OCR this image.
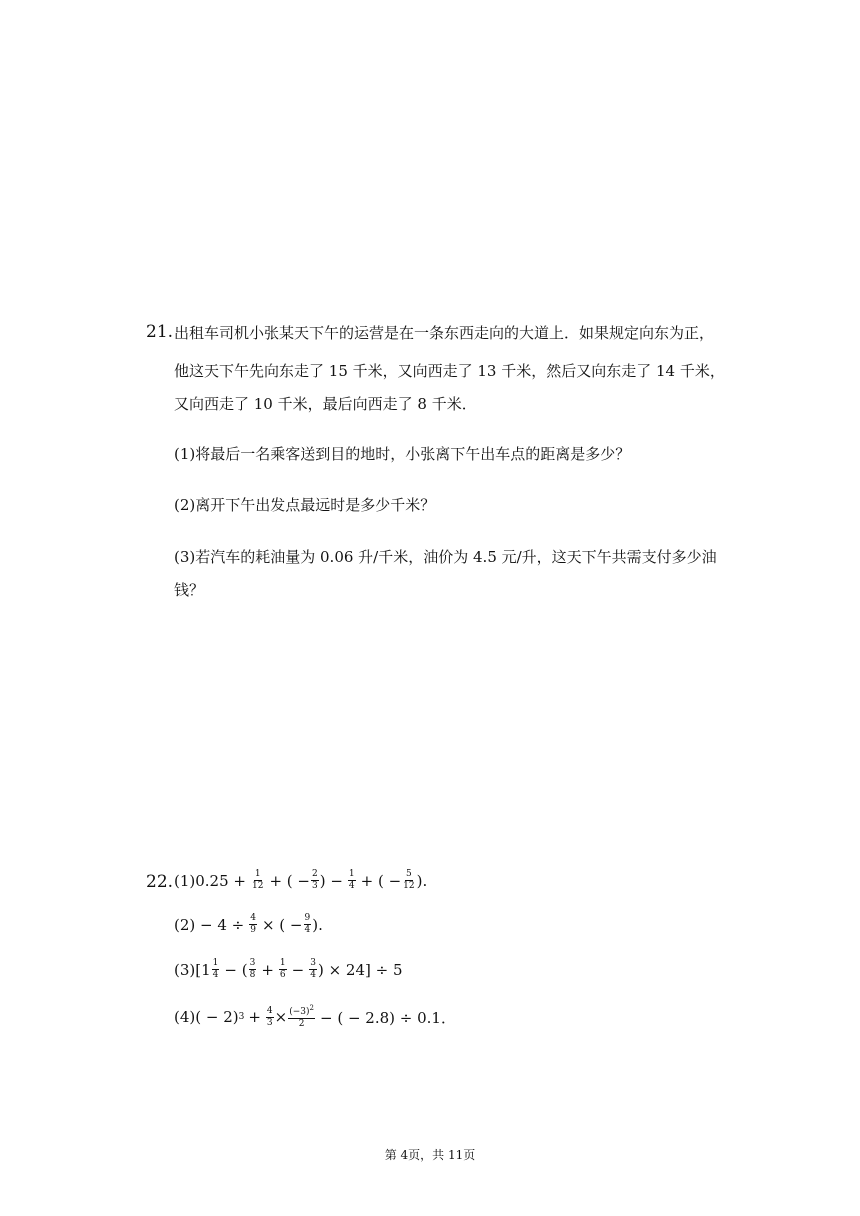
21. 出租车司机小张某天下午的运营是在一条东西走向的大道上．如果规定向东为正，
他这天下午先向东走了 15 千米，又向西走了 13 千米，然后又向东走了 14 千米，
又向西走了 10 千米，最后向西走了 8 千米．
(1)将最后一名乘客送到目的地时，小张离下午出车点的距离是多少？
(2)离开下午出发点最远时是多少千米？
(3)若汽车的耗油量为 0.06 升/千米，油价为 4.5 元/升，这天下午共需支付多少油
钱？
22. $(1)0.25 + \frac{1}{12}$ + ( − $\frac{2}{3}$ ) − $\frac{1}{4}$ + ( − $\frac{5}{12}$ ).
$(2) - 4 \div \frac{4}{9}$ × ( − $\frac{9}{4}$ ).
$(3)[1 \frac{1}{4}$ − ( $\frac{3}{8} + \frac{1}{6} - \frac{3}{4}$ ) × 24] ÷ 5
(4)( − 2) $3 + \frac{4}{3} \times \frac{(-3)^2}{2}$ − ( − 2.8) ÷ 0.1．
第 4页，共 11页
